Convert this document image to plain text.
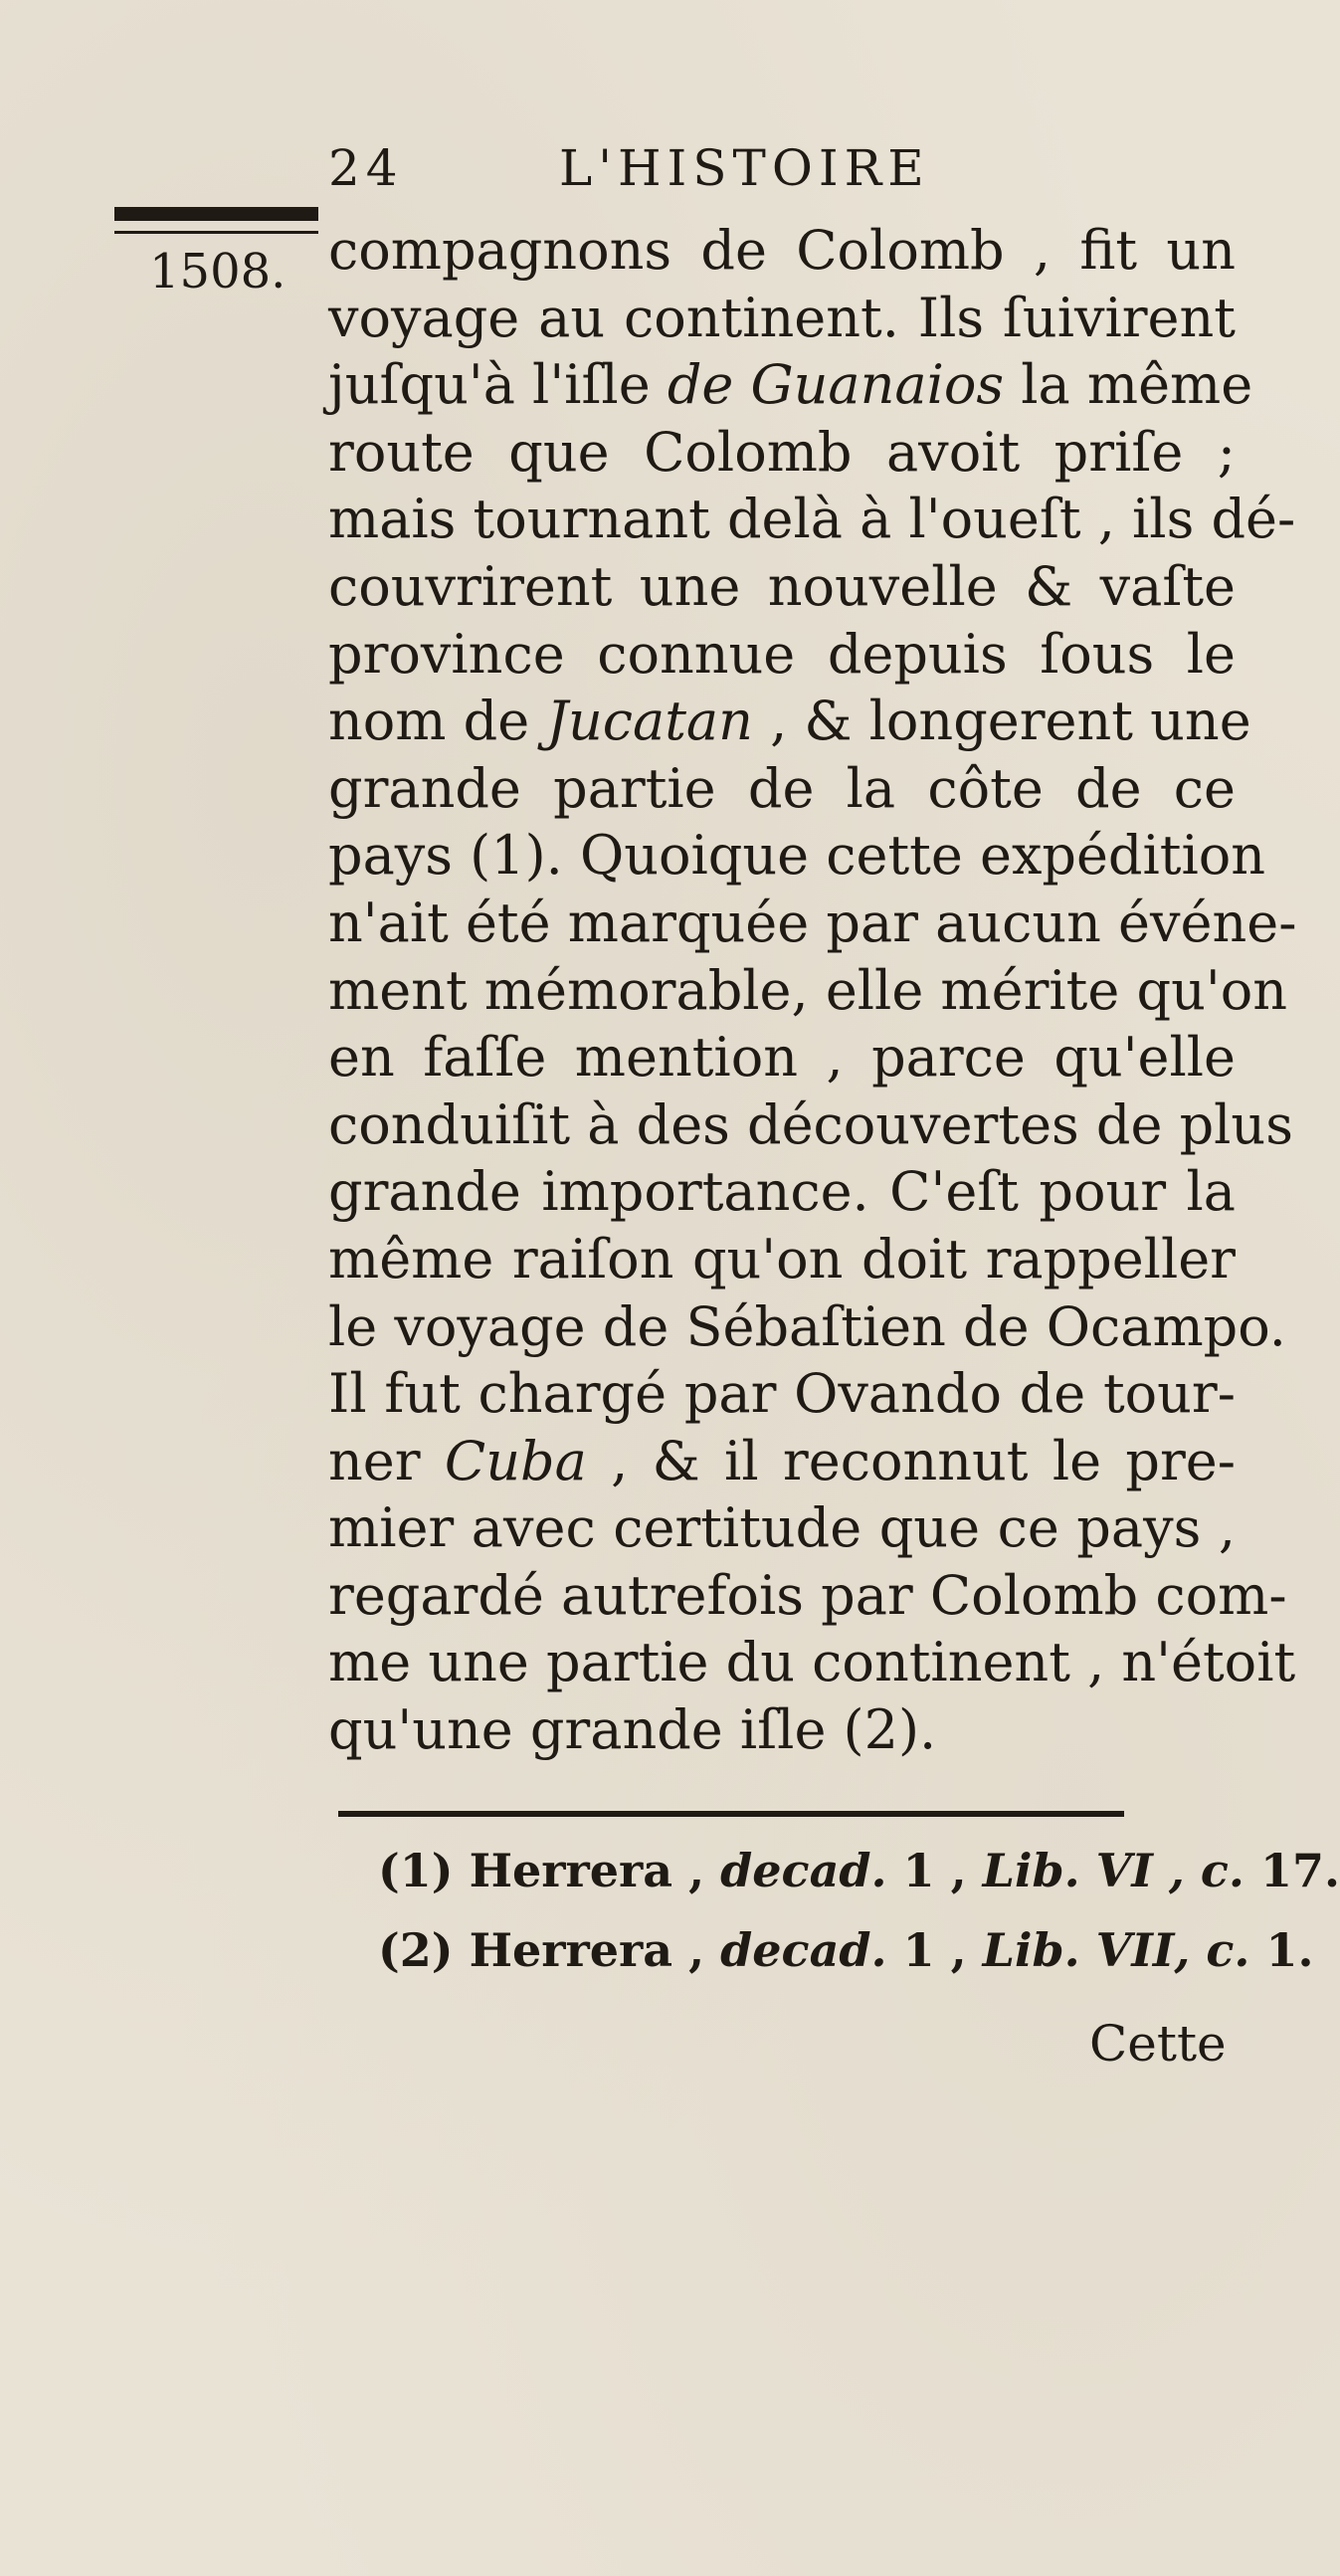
24	L'HISTOIRE
1508. compagnons de Colomb , fit un
voyage au continent. Ils ſuivirent
juſqu'à l'iſle de Guanaios la même
route que Colomb avoit priſe ;
mais tournant delà à l'oueſt , ils dé-
couvrirent une nouvelle & vaſte
province connue depuis ſous le
nom de Jucatan , & longerent une
grande partie de la côte de ce
pays (1). Quoique cette expédition
n'ait été marquée par aucun événe-
ment mémorable, elle mérite qu'on
en faſſe mention , parce qu'elle
conduiſit à des découvertes de plus
grande importance. C'eſt pour la
même raiſon qu'on doit rappeller
le voyage de Sébaſtien de Ocampo.
Il fut chargé par Ovando de tour-
ner Cuba , & il reconnut le pre-
mier avec certitude que ce pays ,
regardé autrefois par Colomb com-
me une partie du continent , n'étoit
qu'une grande iſle (2).
(1) Herrera , decad. 1 , Lib. VI , c. 17.
(2) Herrera , decad. 1 , Lib. VII, c. 1.
Cette
